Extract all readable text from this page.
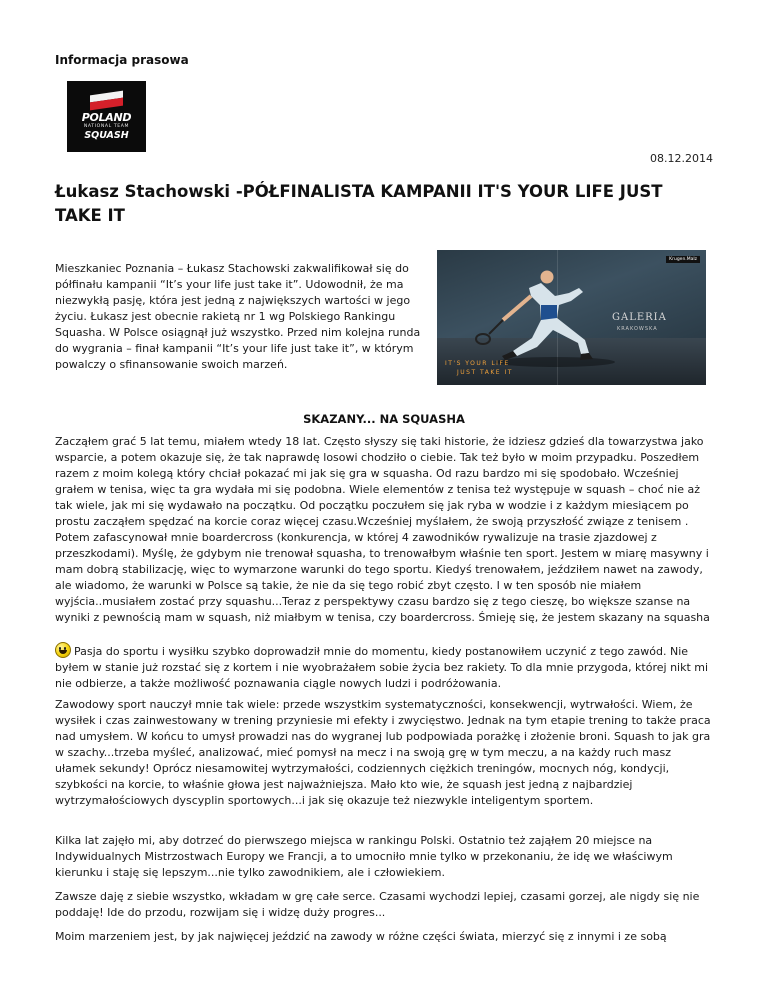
Informacja prasowa
POLAND
NATIONAL TEAM
SQUASH
08.12.2014
Łukasz Stachowski -PÓŁFINALISTA KAMPANII IT'S YOUR LIFE JUST TAKE IT

Mieszkaniec Poznania – Łukasz Stachowski zakwalifikował się do półfinału kampanii “It’s your life just take it”. Udowodnił, że ma niezwykłą pasję, która jest jedną z największych wartości w jego życiu. Łukasz jest obecnie rakietą nr 1 wg Polskiego Rankingu Squasha. W Polsce osiągnął już wszystko. Przed nim kolejna runda do wygrania – finał kampanii “It’s your life just take it”, w którym powalczy o sfinansowanie swoich marzeń.

Krugen.Malz
GALERIA
KRAKOWSKA
IT'S YOUR LIFE
JUST TAKE IT
SKAZANY... NA SQUASHA

Zacząłem grać 5 lat temu, miałem wtedy 18 lat. Często słyszy się taki historie, że idziesz gdzieś dla towarzystwa jako wsparcie, a potem okazuje się, że tak naprawdę losowi chodziło o ciebie. Tak też było w moim przypadku. Poszedłem razem z moim kolegą który chciał pokazać mi jak się gra w squasha. Od razu bardzo mi się spodobało. Wcześniej grałem w tenisa, więc ta gra wydała mi się podobna. Wiele elementów z tenisa też występuje w squash – choć nie aż tak wiele, jak mi się wydawało na początku. Od początku poczułem się jak ryba w wodzie i z każdym miesiącem po prostu zacząłem spędzać na korcie coraz więcej czasu.Wcześniej myślałem, że swoją przyszłość związe z tenisem . Potem zafascynował mnie boardercross (konkurencja, w której 4 zawodników rywalizuje na trasie zjazdowej z przeszkodami). Myślę, że gdybym nie trenował squasha, to trenowałbym właśnie ten sport. Jestem w miarę masywny i mam dobrą stabilizację, więc to wymarzone warunki do tego sportu. Kiedyś trenowałem, jeździłem nawet na zawody, ale wiadomo, że warunki w Polsce są takie, że nie da się tego robić zbyt często. I w ten sposób nie miałem wyjścia..musiałem zostać przy squashu...Teraz z perspektywy czasu bardzo się z tego cieszę, bo większe szanse na wyniki z pewnością mam w squash, niż miałbym w tenisa, czy boardercross. Śmieję się, że jestem skazany na squasha

Pasja do sportu i wysiłku szybko doprowadził mnie do momentu, kiedy postanowiłem uczynić z tego zawód. Nie byłem w stanie już rozstać się z kortem i nie wyobrażałem sobie życia bez rakiety. To dla mnie przygoda, której nikt mi nie odbierze, a także możliwość poznawania ciągle nowych ludzi i podróżowania.

Zawodowy sport nauczył mnie tak wiele: przede wszystkim systematyczności, konsekwencji, wytrwałości. Wiem, że wysiłek i czas zainwestowany w trening przyniesie mi efekty i zwycięstwo. Jednak na tym etapie trening to także praca nad umysłem. W końcu to umysł prowadzi nas do wygranej lub podpowiada porażkę i złożenie broni. Squash to jak gra w szachy...trzeba myśleć, analizować, mieć pomysł na mecz i na swoją grę w tym meczu, a na każdy ruch masz ułamek sekundy! Oprócz niesamowitej wytrzymałości, codziennych ciężkich treningów, mocnych nóg, kondycji, szybkości na korcie, to właśnie głowa jest najważniejsza. Mało kto wie, że squash jest jedną z najbardziej wytrzymałościowych dyscyplin sportowych...i jak się okazuje też niezwykle inteligentym sportem.

Kilka lat zajęło mi, aby dotrzeć do pierwszego miejsca w rankingu Polski. Ostatnio też zająłem 20 miejsce na Indywidualnych Mistrzostwach Europy we Francji, a to umocniło mnie tylko w przekonaniu, że idę we właściwym kierunku i staję się lepszym...nie tylko zawodnikiem, ale i człowiekiem.

Zawsze daję z siebie wszystko, wkładam w grę całe serce. Czasami wychodzi lepiej, czasami gorzej, ale nigdy się nie poddaję! Ide do przodu, rozwijam się i widzę duży progres...

Moim marzeniem jest, by jak najwięcej jeździć na zawody w różne części świata, mierzyć się z innymi i ze sobą
